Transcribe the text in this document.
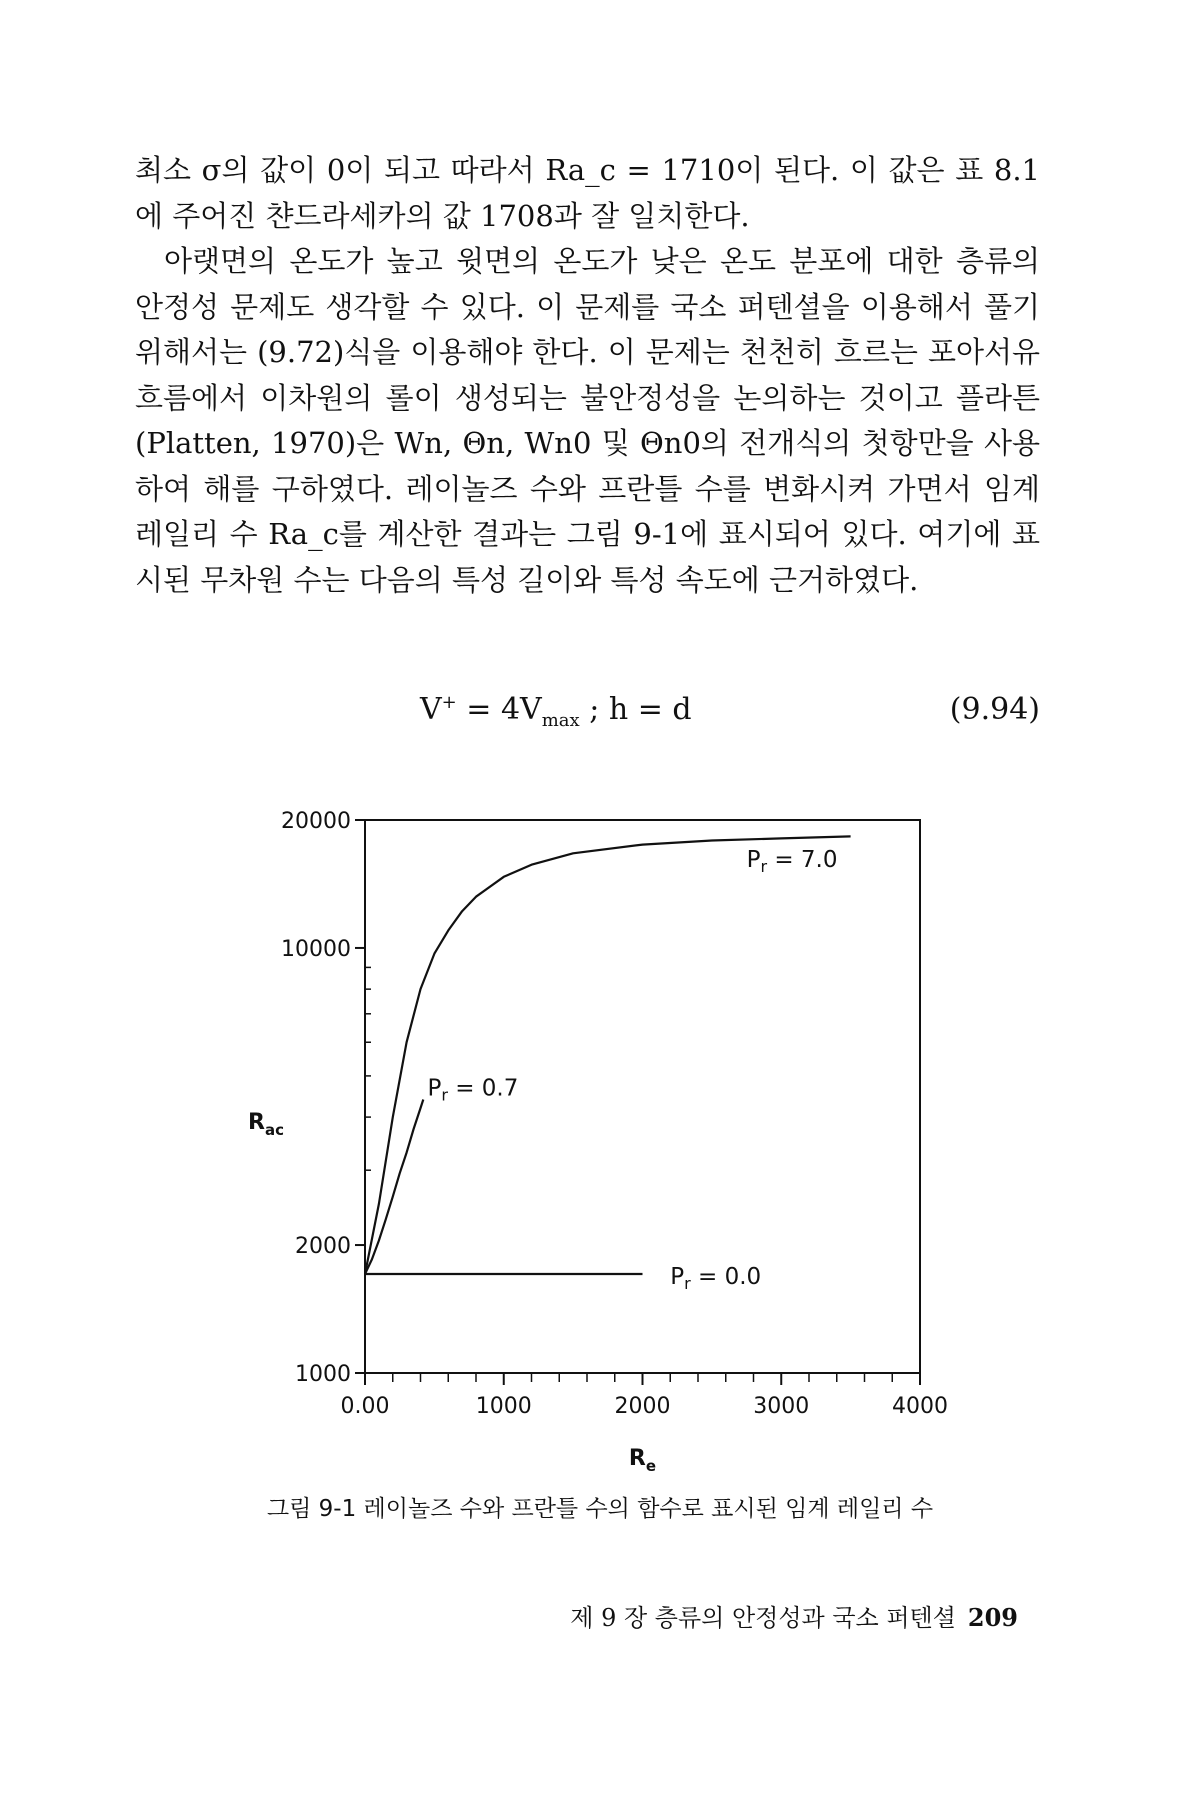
최소 σ의 값이 0이 되고 따라서 Ra_c = 1710이 된다. 이 값은 표 8.1에 주어진 챤드라세카의 값 1708과 잘 일치한다.

아랫면의 온도가 높고 윗면의 온도가 낮은 온도 분포에 대한 층류의 안정성 문제도 생각할 수 있다. 이 문제를 국소 퍼텐셜을 이용해서 풀기 위해서는 (9.72)식을 이용해야 한다. 이 문제는 천천히 흐르는 포아서유 흐름에서 이차원의 롤이 생성되는 불안정성을 논의하는 것이고 플라튼(Platten, 1970)은 Wn, Θn, Wn0 및 Θn0의 전개식의 첫항만을 사용하여 해를 구하였다. 레이놀즈 수와 프란틀 수를 변화시켜 가면서 임계 레일리 수 Ra_c를 계산한 결과는 그림 9-1에 표시되어 있다. 여기에 표시된 무차원 수는 다음의 특성 길이와 특성 속도에 근거하였다.

$V^+ = 4V_{max}$ ; h = d	(9.94)
0.00	1000	2000	3000	4000
20000
10000
2000
1000
$R_e$
$R_{ac}$
$P_r = 7.0$
$P_r = 0.7$
$P_r = 0.0$
그림 9-1 레이놀즈 수와 프란틀 수의 함수로 표시된 임계 레일리 수
제 9 장 층류의 안정성과 국소 퍼텐셜 209
